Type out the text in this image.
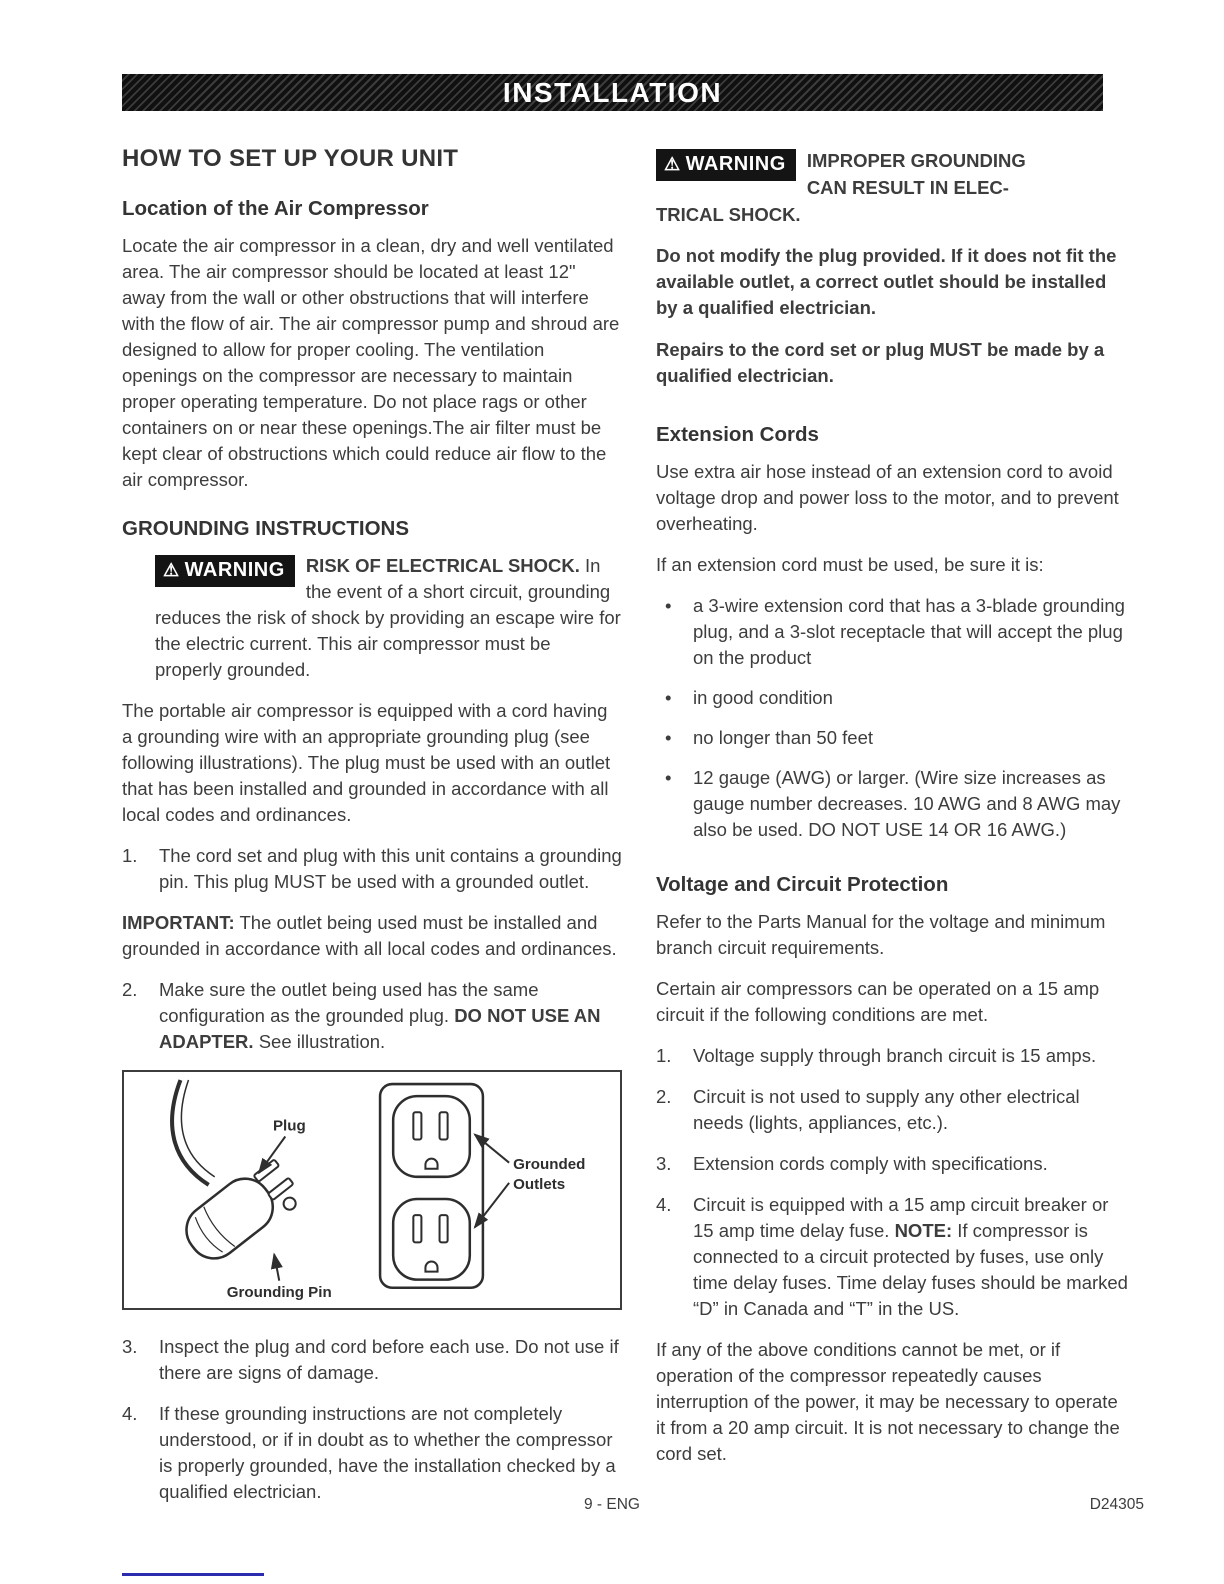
INSTALLATION
HOW TO SET UP YOUR UNIT
Location of the Air Compressor

Locate the air compressor in a clean, dry and well ventilated area. The air compressor should be located at least 12" away from the wall or other obstructions that will interfere with the flow of air. The air compressor pump and shroud are designed to allow for proper cooling. The ventilation openings on the compressor are necessary to maintain proper operating temperature. Do not place rags or other containers on or near these openings.The air filter must be kept clear of obstructions which could reduce air flow to the air compressor.

GROUNDING INSTRUCTIONS
⚠ WARNING	RISK OF ELECTRICAL SHOCK. In the event of a short circuit, grounding reduces the risk of shock by providing an escape wire for the electric current. This air compressor must be properly grounded.

The portable air compressor is equipped with a cord having a grounding wire with an appropriate grounding plug (see following illustrations). The plug must be used with an outlet that has been installed and grounded in accordance with all local codes and ordinances.

1.	The cord set and plug with this unit contains a grounding pin. This plug MUST be used with a grounded outlet.

IMPORTANT: The outlet being used must be installed and grounded in accordance with all local codes and ordinances.

2.	Make sure the outlet being used has the same configuration as the grounded plug. DO NOT USE AN ADAPTER. See illustration.
Plug
Grounded
Outlets
Grounding Pin
3.	Inspect the plug and cord before each use. Do not use if there are signs of damage.
4.	If these grounding instructions are not completely understood, or if in doubt as to whether the compressor is properly grounded, have the installation checked by a qualified electrician.
⚠ WARNING	IMPROPER GROUNDING
CAN RESULT IN ELEC-
TRICAL SHOCK.

Do not modify the plug provided. If it does not fit the available outlet, a correct outlet should be installed by a qualified electrician.

Repairs to the cord set or plug MUST be made by a qualified electrician.

Extension Cords

Use extra air hose instead of an extension cord to avoid voltage drop and power loss to the motor, and to prevent overheating.

If an extension cord must be used, be sure it is:

•	a 3-wire extension cord that has a 3-blade grounding plug, and a 3-slot receptacle that will accept the plug on the product
•	in good condition
•	no longer than 50 feet
•	12 gauge (AWG) or larger. (Wire size increases as gauge number decreases. 10 AWG and 8 AWG may also be used. DO NOT USE 14 OR 16 AWG.)
Voltage and Circuit Protection

Refer to the Parts Manual for the voltage and minimum branch circuit requirements.

Certain air compressors can be operated on a 15 amp circuit if the following conditions are met.

1.	Voltage supply through branch circuit is 15 amps.
2.	Circuit is not used to supply any other electrical needs (lights, appliances, etc.).
3.	Extension cords comply with specifications.
4.	Circuit is equipped with a 15 amp circuit breaker or 15 amp time delay fuse. NOTE: If compressor is connected to a circuit protected by fuses, use only time delay fuses. Time delay fuses should be marked “D” in Canada and “T” in the US.

If any of the above conditions cannot be met, or if operation of the compressor repeatedly causes interruption of the power, it may be necessary to operate it from a 20 amp circuit. It is not necessary to change the cord set.

9 - ENG	D24305
